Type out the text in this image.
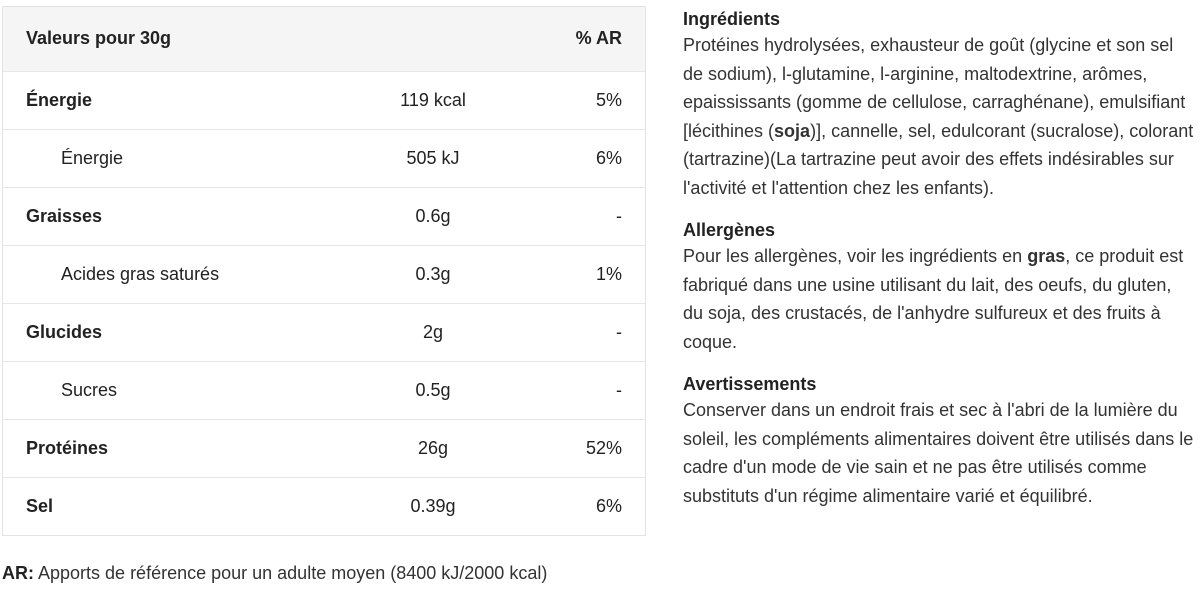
Valeurs pour 30g		% AR
Énergie	119 kcal	5%
Énergie	505 kJ	6%
Graisses	0.6g	-
Acides gras saturés	0.3g	1%
Glucides	2g	-
Sucres	0.5g	-
Protéines	26g	52%
Sel	0.39g	6%
AR: Apports de référence pour un adulte moyen (8400 kJ/2000 kcal)
Ingrédients

Protéines hydrolysées, exhausteur de goût (glycine et son sel de sodium), l-glutamine, l-arginine, maltodextrine, arômes, epaississants (gomme de cellulose, carraghénane), emulsifiant [lécithines (soja)], cannelle, sel, edulcorant (sucralose), colorant (tartrazine)(La tartrazine peut avoir des effets indésirables sur l'activité et l'attention chez les enfants).

Allergènes

Pour les allergènes, voir les ingrédients en gras, ce produit est fabriqué dans une usine utilisant du lait, des oeufs, du gluten, du soja, des crustacés, de l'anhydre sulfureux et des fruits à coque.

Avertissements

Conserver dans un endroit frais et sec à l'abri de la lumière du soleil, les compléments alimentaires doivent être utilisés dans le cadre d'un mode de vie sain et ne pas être utilisés comme substituts d'un régime alimentaire varié et équilibré.
